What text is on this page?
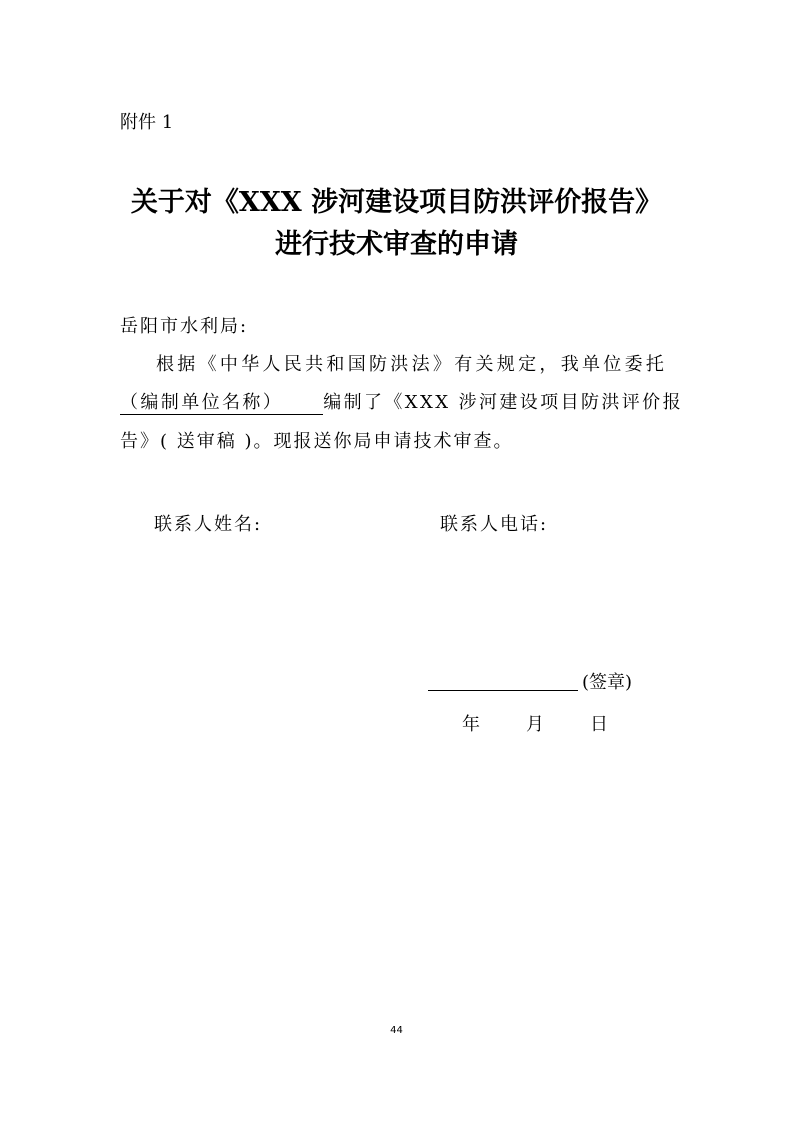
附件 1
关于对《XXX 涉河建设项目防洪评价报告》
进行技术审查的申请
岳阳市水利局:
根据《中华人民共和国防洪法》有关规定，我单位委托
（编制单位名称） 编制了《XXX 涉河建设项目防洪评价报
告》( 送审稿 )。现报送你局申请技术审查。
联系人姓名:	联系人电话:
(签章)
年 月 日
44
